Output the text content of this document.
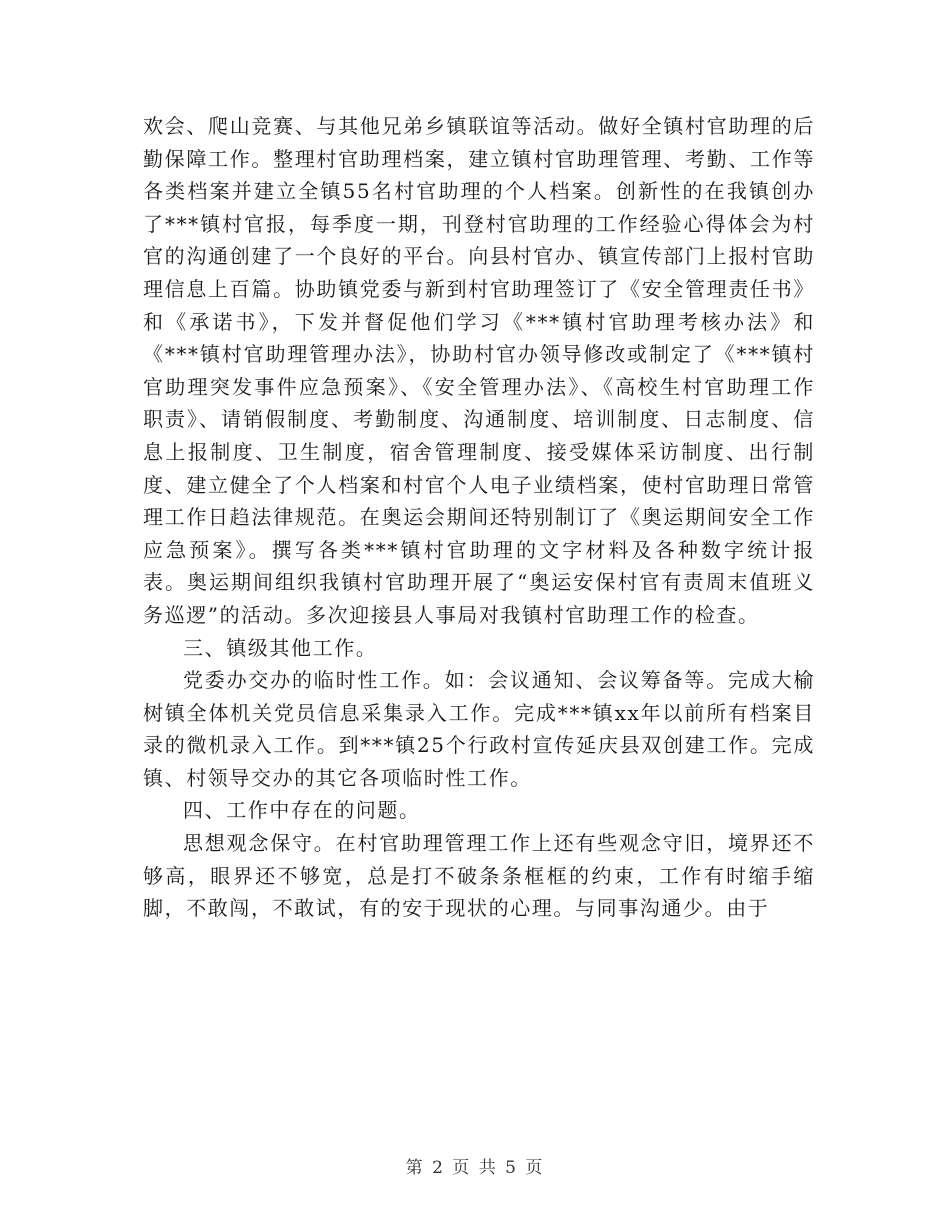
欢会、爬山竞赛、与其他兄弟乡镇联谊等活动。做好全镇村官助理的后勤保障工作。整理村官助理档案，建立镇村官助理管理、考勤、工作等各类档案并建立全镇55名村官助理的个人档案。创新性的在我镇创办了***镇村官报，每季度一期，刊登村官助理的工作经验心得体会为村官的沟通创建了一个良好的平台。向县村官办、镇宣传部门上报村官助理信息上百篇。协助镇党委与新到村官助理签订了《安全管理责任书》和《承诺书》，下发并督促他们学习《***镇村官助理考核办法》和《***镇村官助理管理办法》，协助村官办领导修改或制定了《***镇村官助理突发事件应急预案》、《安全管理办法》、《高校生村官助理工作职责》、请销假制度、考勤制度、沟通制度、培训制度、日志制度、信息上报制度、卫生制度，宿舍管理制度、接受媒体采访制度、出行制度、建立健全了个人档案和村官个人电子业绩档案，使村官助理日常管理工作日趋法律规范。在奥运会期间还特别制订了《奥运期间安全工作应急预案》。撰写各类***镇村官助理的文字材料及各种数字统计报表。奥运期间组织我镇村官助理开展了“奥运安保村官有责周末值班义务巡逻”的活动。多次迎接县人事局对我镇村官助理工作的检查。

三、镇级其他工作。

党委办交办的临时性工作。如：会议通知、会议筹备等。完成大榆树镇全体机关党员信息采集录入工作。完成***镇xx年以前所有档案目录的微机录入工作。到***镇25个行政村宣传延庆县双创建工作。完成镇、村领导交办的其它各项临时性工作。

四、工作中存在的问题。

思想观念保守。在村官助理管理工作上还有些观念守旧，境界还不够高，眼界还不够宽，总是打不破条条框框的约束，工作有时缩手缩脚，不敢闯，不敢试，有的安于现状的心理。与同事沟通少。由于

第 2 页 共 5 页
